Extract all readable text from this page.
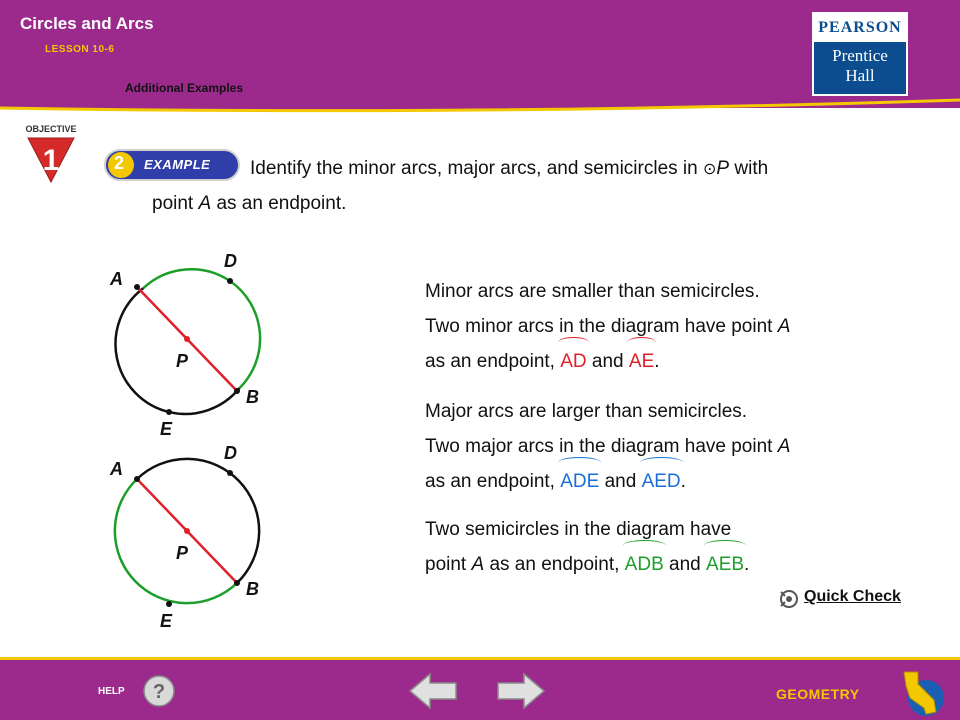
Circles and Arcs
LESSON 10-6
Additional Examples
PEARSON
Prentice
Hall
OBJECTIVE
1	2 EXAMPLE Identify the minor arcs, major arcs, and semicircles in ⊙P with
point A as an endpoint.
A
D
P
B
E
A
D
P
B
E
Minor arcs are smaller than semicircles.
Two minor arcs in the diagram have point A
as an endpoint, AD and AE.
Major arcs are larger than semicircles.
Two major arcs in the diagram have point A
as an endpoint, ADE and AED.
Two semicircles in the diagram have
point A as an endpoint, ADB and AEB.
Quick Check
HELP ?	GEOMETRY
